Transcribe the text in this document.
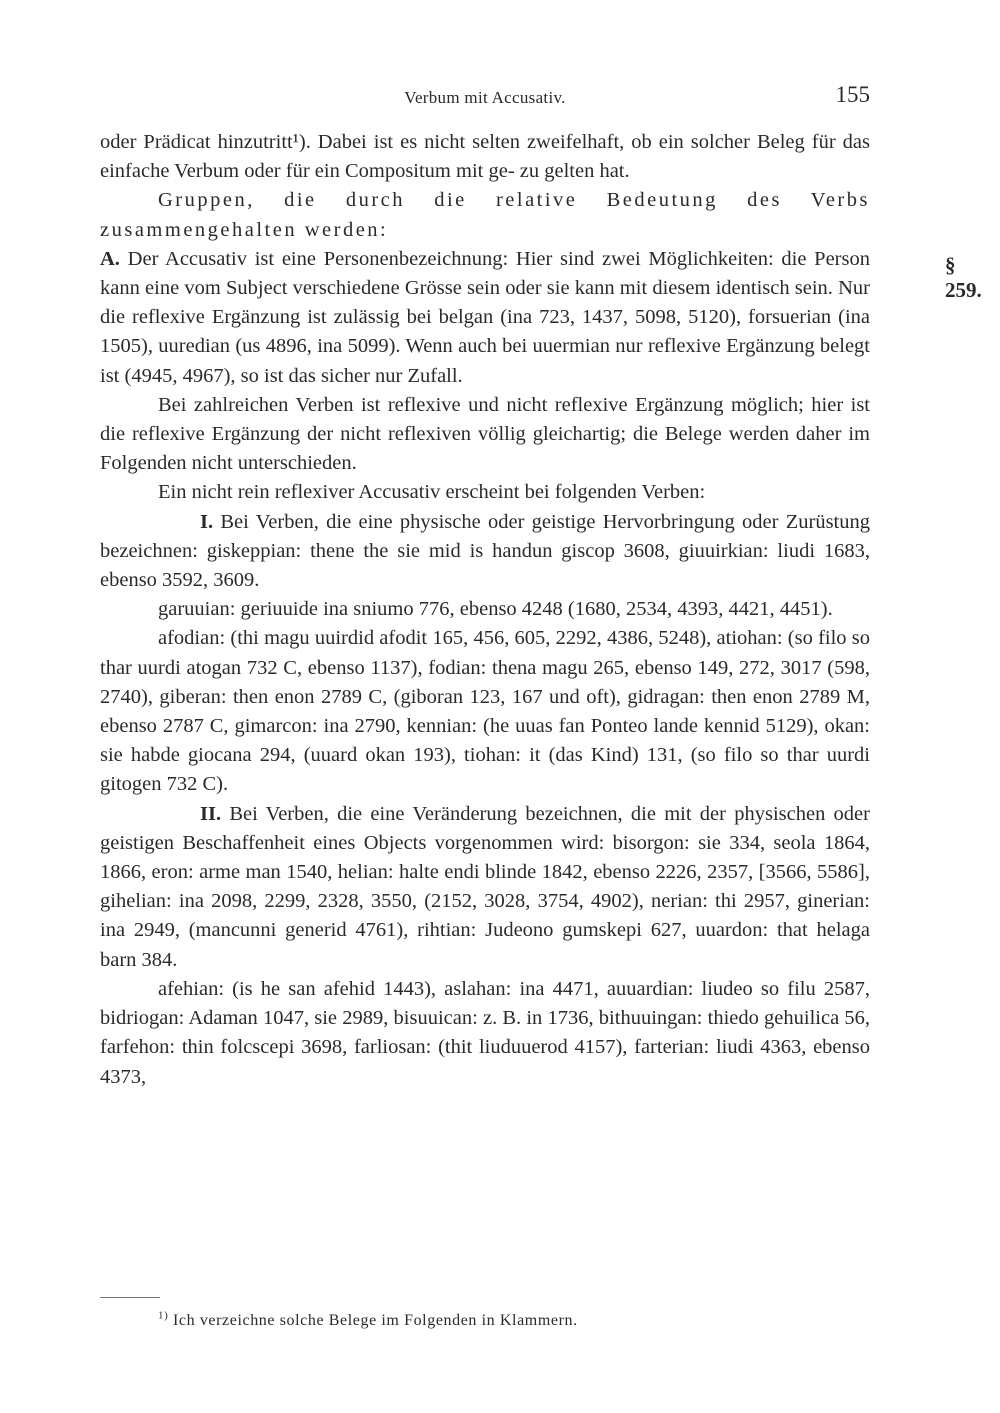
Verbum mit Accusativ.	155
§ 259.

oder Prädicat hinzutritt¹). Dabei ist es nicht selten zweifelhaft, ob ein solcher Beleg für das einfache Verbum oder für ein Compositum mit ge- zu gelten hat.

Gruppen, die durch die relative Bedeutung des Verbs zusammengehalten werden:

A. Der Accusativ ist eine Personenbezeichnung: Hier sind zwei Möglichkeiten: die Person kann eine vom Subject verschiedene Grösse sein oder sie kann mit diesem identisch sein. Nur die reflexive Ergänzung ist zulässig bei belgan (ina 723, 1437, 5098, 5120), forsuerian (ina 1505), uuredian (us 4896, ina 5099). Wenn auch bei uuermian nur reflexive Ergänzung belegt ist (4945, 4967), so ist das sicher nur Zufall.

Bei zahlreichen Verben ist reflexive und nicht reflexive Ergänzung möglich; hier ist die reflexive Ergänzung der nicht reflexiven völlig gleichartig; die Belege werden daher im Folgenden nicht unterschieden.

Ein nicht rein reflexiver Accusativ erscheint bei folgenden Verben:

I. Bei Verben, die eine physische oder geistige Hervorbringung oder Zurüstung bezeichnen: giskeppian: thene the sie mid is handun giscop 3608, giuuirkian: liudi 1683, ebenso 3592, 3609.

garuuian: geriuuide ina sniumo 776, ebenso 4248 (1680, 2534, 4393, 4421, 4451).

afodian: (thi magu uuirdid afodit 165, 456, 605, 2292, 4386, 5248), atiohan: (so filo so thar uurdi atogan 732 C, ebenso 1137), fodian: thena magu 265, ebenso 149, 272, 3017 (598, 2740), giberan: then enon 2789 C, (giboran 123, 167 und oft), gidragan: then enon 2789 M, ebenso 2787 C, gimarcon: ina 2790, kennian: (he uuas fan Ponteo lande kennid 5129), okan: sie habde giocana 294, (uuard okan 193), tiohan: it (das Kind) 131, (so filo so thar uurdi gitogen 732 C).

II. Bei Verben, die eine Veränderung bezeichnen, die mit der physischen oder geistigen Beschaffenheit eines Objects vorgenommen wird: bisorgon: sie 334, seola 1864, 1866, eron: arme man 1540, helian: halte endi blinde 1842, ebenso 2226, 2357, [3566, 5586], gihelian: ina 2098, 2299, 2328, 3550, (2152, 3028, 3754, 4902), nerian: thi 2957, ginerian: ina 2949, (mancunni generid 4761), rihtian: Judeono gumskepi 627, uuardon: that helaga barn 384.

afehian: (is he san afehid 1443), aslahan: ina 4471, auuardian: liudeo so filu 2587, bidriogan: Adaman 1047, sie 2989, bisuuican: z. B. in 1736, bithuuingan: thiedo gehuilica 56, farfehon: thin folcscepi 3698, farliosan: (thit liuduuerod 4157), farterian: liudi 4363, ebenso 4373,

$^{1)}$ Ich verzeichne solche Belege im Folgenden in Klammern.
